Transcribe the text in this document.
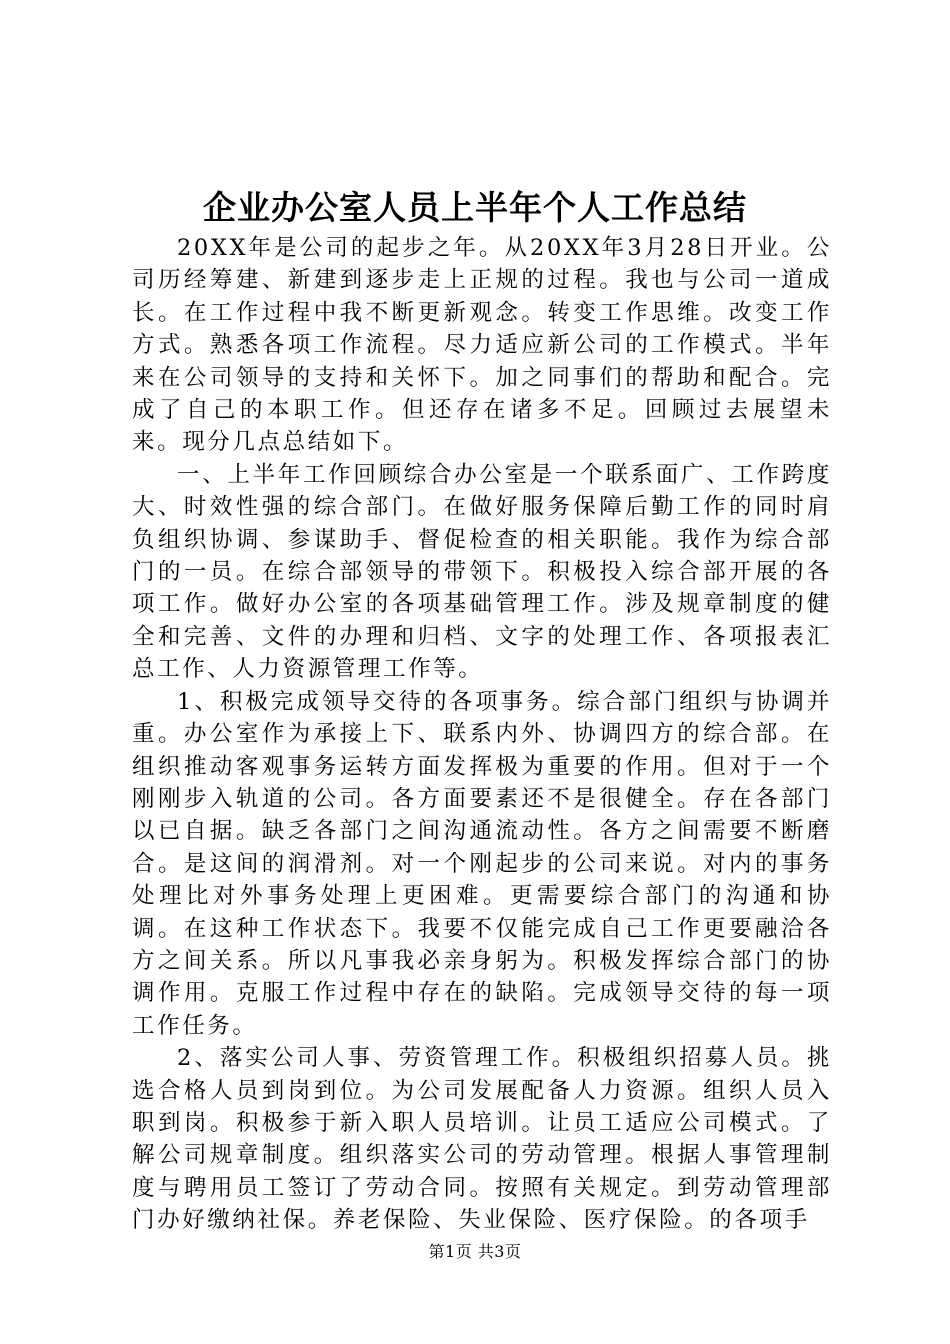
企业办公室人员上半年个人工作总结

20XX年是公司的起步之年。从20XX年3月28日开业。公司历经筹建、新建到逐步走上正规的过程。我也与公司一道成长。在工作过程中我不断更新观念。转变工作思维。改变工作方式。熟悉各项工作流程。尽力适应新公司的工作模式。半年来在公司领导的支持和关怀下。加之同事们的帮助和配合。完成了自己的本职工作。但还存在诸多不足。回顾过去展望未来。现分几点总结如下。

一、上半年工作回顾综合办公室是一个联系面广、工作跨度大、时效性强的综合部门。在做好服务保障后勤工作的同时肩负组织协调、参谋助手、督促检查的相关职能。我作为综合部门的一员。在综合部领导的带领下。积极投入综合部开展的各项工作。做好办公室的各项基础管理工作。涉及规章制度的健全和完善、文件的办理和归档、文字的处理工作、各项报表汇总工作、人力资源管理工作等。

1、积极完成领导交待的各项事务。综合部门组织与协调并重。办公室作为承接上下、联系内外、协调四方的综合部。在组织推动客观事务运转方面发挥极为重要的作用。但对于一个刚刚步入轨道的公司。各方面要素还不是很健全。存在各部门以已自据。缺乏各部门之间沟通流动性。各方之间需要不断磨合。是这间的润滑剂。对一个刚起步的公司来说。对内的事务处理比对外事务处理上更困难。更需要综合部门的沟通和协调。在这种工作状态下。我要不仅能完成自己工作更要融洽各方之间关系。所以凡事我必亲身躬为。积极发挥综合部门的协调作用。克服工作过程中存在的缺陷。完成领导交待的每一项工作任务。

2、落实公司人事、劳资管理工作。积极组织招募人员。挑选合格人员到岗到位。为公司发展配备人力资源。组织人员入职到岗。积极参于新入职人员培训。让员工适应公司模式。了解公司规章制度。组织落实公司的劳动管理。根据人事管理制度与聘用员工签订了劳动合同。按照有关规定。到劳动管理部门办好缴纳社保。养老保险、失业保险、医疗保险。的各项手

第1页 共3页
